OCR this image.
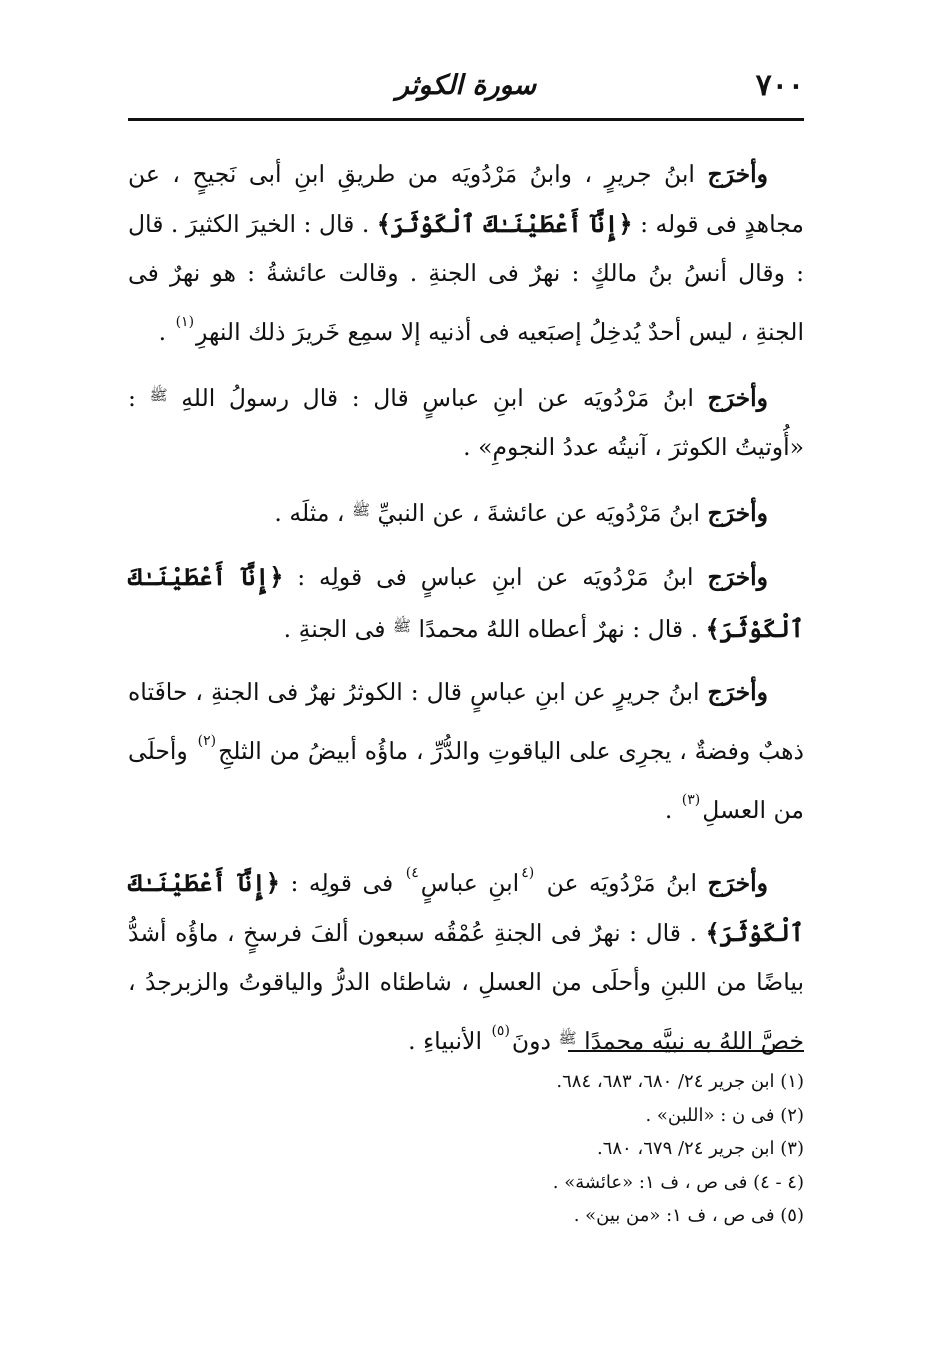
٧٠٠
سورة الكوثر

وأخرَج ابنُ جريرٍ ، وابنُ مَرْدُويَه من طريقِ ابنِ أبى نَجيحٍ ، عن مجاهدٍ فى قوله : ﴿إِنَّآ أَعْطَيْنَـٰكَ ٱلْكَوْثَرَ﴾ . قال : الخيرَ الكثيرَ . قال : وقال أنسُ بنُ مالكٍ : نهرٌ فى الجنةِ . وقالت عائشةُ : هو نهرٌ فى الجنةِ ، ليس أحدٌ يُدخِلُ إصبَعيه فى أذنيه إلا سمِع خَريرَ ذلك النهرِ$^{(١)}$ .

وأخرَج ابنُ مَرْدُويَه عن ابنِ عباسٍ قال : قال رسولُ اللهِ $^ﷺ$ : «أُوتيتُ الكوثرَ ، آنيتُه عددُ النجومِ» .

وأخرَج ابنُ مَرْدُويَه عن عائشةَ ، عن النبيِّ $^ﷺ$ ، مثلَه .

وأخرَج ابنُ مَرْدُويَه عن ابنِ عباسٍ فى قولِه : ﴿إِنَّآ أَعْطَيْنَـٰكَ ٱلْكَوْثَرَ﴾ . قال : نهرٌ أعطاه اللهُ محمدًا $^ﷺ$ فى الجنةِ .

وأخرَج ابنُ جريرٍ عن ابنِ عباسٍ قال : الكوثرُ نهرٌ فى الجنةِ ، حافَتاه ذهبٌ وفضةٌ ، يجرِى على الياقوتِ والدُّرِّ ، ماؤُه أبيضُ من الثلجِ$^{(٢)}$ وأحلَى من العسلِ$^{(٣)}$ .

وأخرَج ابنُ مَرْدُويَه عن $^{(٤}$ابنِ عباسٍ$^{٤)}$ فى قولِه : ﴿إِنَّآ أَعْطَيْنَـٰكَ ٱلْكَوْثَرَ﴾ . قال : نهرٌ فى الجنةِ عُمْقُه سبعون ألفَ فرسخٍ ، ماؤُه أشدُّ بياضًا من اللبنِ وأحلَى من العسلِ ، شاطئاه الدرُّ والياقوتُ والزبرجدُ ، خصَّ اللهُ به نبيَّه محمدًا $^ﷺ$ دونَ$^{(٥)}$ الأنبياءِ .

(١) ابن جرير ٢٤/ ٦٨٠، ٦٨٣، ٦٨٤.
(٢) فى ن : «اللبن» .
(٣) ابن جرير ٢٤/ ٦٧٩، ٦٨٠.
(٤ - ٤) فى ص ، ف ١: «عائشة» .
(٥) فى ص ، ف ١: «من بين» .
